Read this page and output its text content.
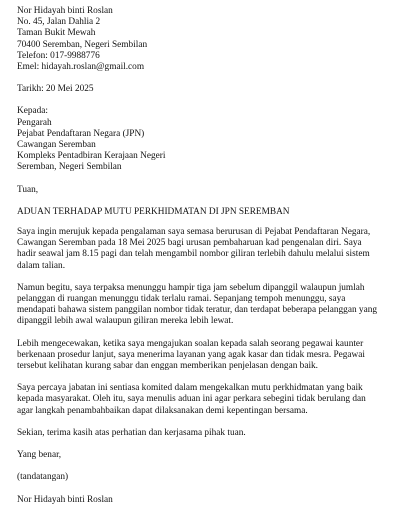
Nor Hidayah binti Roslan
No. 45, Jalan Dahlia 2
Taman Bukit Mewah
70400 Seremban, Negeri Sembilan
Telefon: 017-9988776
Emel: hidayah.roslan@gmail.com
Tarikh: 20 Mei 2025
Kepada:
Pengarah
Pejabat Pendaftaran Negara (JPN)
Cawangan Seremban
Kompleks Pentadbiran Kerajaan Negeri
Seremban, Negeri Sembilan
Tuan,
ADUAN TERHADAP MUTU PERKHIDMATAN DI JPN SEREMBAN
Saya ingin merujuk kepada pengalaman saya semasa berurusan di Pejabat Pendaftaran Negara,
Cawangan Seremban pada 18 Mei 2025 bagi urusan pembaharuan kad pengenalan diri. Saya
hadir seawal jam 8.15 pagi dan telah mengambil nombor giliran terlebih dahulu melalui sistem
dalam talian.
Namun begitu, saya terpaksa menunggu hampir tiga jam sebelum dipanggil walaupun jumlah
pelanggan di ruangan menunggu tidak terlalu ramai. Sepanjang tempoh menunggu, saya
mendapati bahawa sistem panggilan nombor tidak teratur, dan terdapat beberapa pelanggan yang
dipanggil lebih awal walaupun giliran mereka lebih lewat.
Lebih mengecewakan, ketika saya mengajukan soalan kepada salah seorang pegawai kaunter
berkenaan prosedur lanjut, saya menerima layanan yang agak kasar dan tidak mesra. Pegawai
tersebut kelihatan kurang sabar dan enggan memberikan penjelasan dengan baik.
Saya percaya jabatan ini sentiasa komited dalam mengekalkan mutu perkhidmatan yang baik
kepada masyarakat. Oleh itu, saya menulis aduan ini agar perkara sebegini tidak berulang dan
agar langkah penambahbaikan dapat dilaksanakan demi kepentingan bersama.
Sekian, terima kasih atas perhatian dan kerjasama pihak tuan.
Yang benar,
(tandatangan)
Nor Hidayah binti Roslan
